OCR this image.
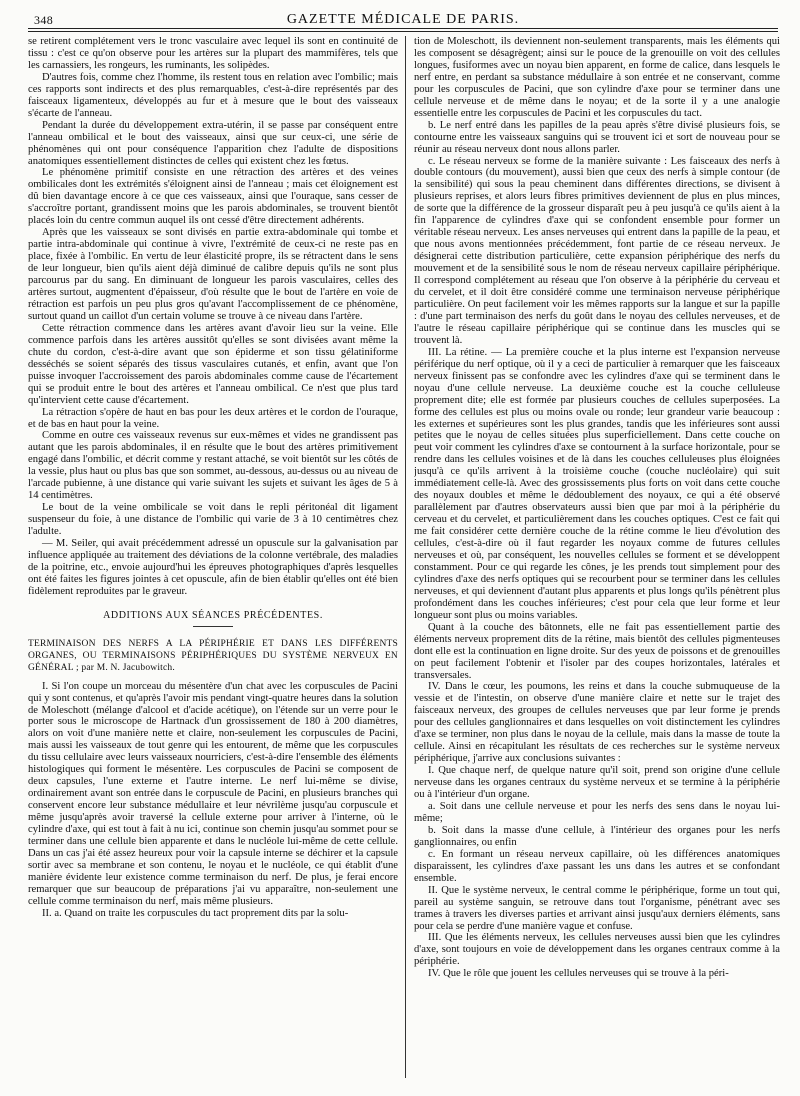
348	GAZETTE MÉDICALE DE PARIS.

se retirent complétement vers le tronc vasculaire avec lequel ils sont en continuité de tissu : c'est ce qu'on observe pour les artères sur la plupart des mammifères, tels que les carnassiers, les rongeurs, les ruminants, les solipèdes.

D'autres fois, comme chez l'homme, ils restent tous en relation avec l'ombilic; mais ces rapports sont indirects et des plus remarquables, c'est-à-dire représentés par des faisceaux ligamenteux, développés au fur et à mesure que le bout des vaisseaux s'écarte de l'anneau.

Pendant la durée du développement extra-utérin, il se passe par conséquent entre l'anneau ombilical et le bout des vaisseaux, ainsi que sur ceux-ci, une série de phénomènes qui ont pour conséquence l'apparition chez l'adulte de dispositions anatomiques essentiellement distinctes de celles qui existent chez les fœtus.

Le phénomène primitif consiste en une rétraction des artères et des veines ombilicales dont les extrémités s'éloignent ainsi de l'anneau ; mais cet éloignement est dû bien davantage encore à ce que ces vaisseaux, ainsi que l'ouraque, sans cesser de s'accroître portant, grandissent moins que les parois abdominales, se trouvent bientôt placés loin du centre commun auquel ils ont cessé d'être directement adhérents.

Après que les vaisseaux se sont divisés en partie extra-abdominale qui tombe et partie intra-abdominale qui continue à vivre, l'extrémité de ceux-ci ne reste pas en place, fixée à l'ombilic. En vertu de leur élasticité propre, ils se rétractent dans le sens de leur longueur, bien qu'ils aient déjà diminué de calibre depuis qu'ils ne sont plus parcourus par du sang. En diminuant de longueur les parois vasculaires, celles des artères surtout, augmentent d'épaisseur, d'où résulte que le bout de l'artère en voie de rétraction est parfois un peu plus gros qu'avant l'accomplissement de ce phénomène, surtout quand un caillot d'un certain volume se trouve à ce niveau dans l'artère.

Cette rétraction commence dans les artères avant d'avoir lieu sur la veine. Elle commence parfois dans les artères aussitôt qu'elles se sont divisées avant même la chute du cordon, c'est-à-dire avant que son épiderme et son tissu gélatiniforme desséchés se soient séparés des tissus vasculaires cutanés, et enfin, avant que l'on puisse invoquer l'accroissement des parois abdominales comme cause de l'écartement qui se produit entre le bout des artères et l'anneau ombilical. Ce n'est que plus tard qu'intervient cette cause d'écartement.

La rétraction s'opère de haut en bas pour les deux artères et le cordon de l'ouraque, et de bas en haut pour la veine.

Comme en outre ces vaisseaux revenus sur eux-mêmes et vides ne grandissent pas autant que les parois abdominales, il en résulte que le bout des artères primitivement engagé dans l'ombilic, et décrit comme y restant attaché, se voit bientôt sur les côtés de la vessie, plus haut ou plus bas que son sommet, au-dessous, au-dessus ou au niveau de l'arcade pubienne, à une distance qui varie suivant les sujets et suivant les âges de 5 à 14 centimètres.

Le bout de la veine ombilicale se voit dans le repli péritonéal dit ligament suspenseur du foie, à une distance de l'ombilic qui varie de 3 à 10 centimètres chez l'adulte.

— M. Seiler, qui avait précédemment adressé un opuscule sur la galvanisation par influence appliquée au traitement des déviations de la colonne vertébrale, des maladies de la poitrine, etc., envoie aujourd'hui les épreuves photographiques d'après lesquelles ont été faites les figures jointes à cet opuscule, afin de bien établir qu'elles ont été bien fidèlement reproduites par le graveur.

ADDITIONS AUX SÉANCES PRÉCÉDENTES.

TERMINAISON DES NERFS A LA PÉRIPHÉRIE ET DANS LES DIFFÉRENTS ORGANES, OU TERMINAISONS PÉRIPHÉRIQUES DU SYSTÈME NERVEUX EN GÉNÉRAL ; par M. N. Jacubowitch.

I. Si l'on coupe un morceau du mésentère d'un chat avec les corpuscules de Pacini qui y sont contenus, et qu'après l'avoir mis pendant vingt-quatre heures dans la solution de Moleschott (mélange d'alcool et d'acide acétique), on l'étende sur un verre pour le porter sous le microscope de Hartnack d'un grossissement de 180 à 200 diamètres, alors on voit d'une manière nette et claire, non-seulement les corpuscules de Pacini, mais aussi les vaisseaux de tout genre qui les entourent, de même que les corpuscules du tissu cellulaire avec leurs vaisseaux nourriciers, c'est-à-dire l'ensemble des éléments histologiques qui forment le mésentère. Les corpuscules de Pacini se composent de deux capsules, l'une externe et l'autre interne. Le nerf lui-même se divise, ordinairement avant son entrée dans le corpuscule de Pacini, en plusieurs branches qui conservent encore leur substance médullaire et leur névrilème jusqu'au corpuscule et même jusqu'après avoir traversé la cellule externe pour arriver à l'interne, où le cylindre d'axe, qui est tout à fait à nu ici, continue son chemin jusqu'au sommet pour se terminer dans une cellule bien apparente et dans le nucléole lui-même de cette cellule. Dans un cas j'ai été assez heureux pour voir la capsule interne se déchirer et la capsule sortir avec sa membrane et son contenu, le noyau et le nucléole, ce qui établit d'une manière évidente leur existence comme terminaison du nerf. De plus, je ferai encore remarquer que sur beaucoup de préparations j'ai vu apparaître, non-seulement une cellule comme terminaison du nerf, mais même plusieurs.

II. a. Quand on traite les corpuscules du tact proprement dits par la solu-

tion de Moleschott, ils deviennent non-seulement transparents, mais les éléments qui les composent se désagrègent; ainsi sur le pouce de la grenouille on voit des cellules longues, fusiformes avec un noyau bien apparent, en forme de calice, dans lesquels le nerf entre, en perdant sa substance médullaire à son entrée et ne conservant, comme pour les corpuscules de Pacini, que son cylindre d'axe pour se terminer dans une cellule nerveuse et de même dans le noyau; et de la sorte il y a une analogie essentielle entre les corpuscules de Pacini et les corpuscules du tact.

b. Le nerf entré dans les papilles de la peau après s'être divisé plusieurs fois, se contourne entre les vaisseaux sanguins qui se trouvent ici et sort de nouveau pour se réunir au réseau nerveux dont nous allons parler.

c. Le réseau nerveux se forme de la manière suivante : Les faisceaux des nerfs à double contours (du mouvement), aussi bien que ceux des nerfs à simple contour (de la sensibilité) qui sous la peau cheminent dans différentes directions, se divisent à plusieurs reprises, et alors leurs fibres primitives deviennent de plus en plus minces, de sorte que la différence de la grosseur disparaît peu à peu jusqu'à ce qu'ils aient à la fin l'apparence de cylindres d'axe qui se confondent ensemble pour former un véritable réseau nerveux. Les anses nerveuses qui entrent dans la papille de la peau, et que nous avons mentionnées précédemment, font partie de ce réseau nerveux. Je désignerai cette distribution particulière, cette expansion périphérique des nerfs du mouvement et de la sensibilité sous le nom de réseau nerveux capillaire périphérique. Il correspond complétement au réseau que l'on observe à la périphérie du cerveau et du cervelet, et il doit être considéré comme une terminaison nerveuse périphérique particulière. On peut facilement voir les mêmes rapports sur la langue et sur la papille : d'une part terminaison des nerfs du goût dans le noyau des cellules nerveuses, et de l'autre le réseau capillaire périphérique qui se continue dans les muscles qui se trouvent là.

III. La rétine. — La première couche et la plus interne est l'expansion nerveuse périférique du nerf optique, où il y a ceci de particulier à remarquer que les faisceaux nerveux finissent pas se confondre avec les cylindres d'axe qui se terminent dans le noyau d'une cellule nerveuse. La deuxième couche est la couche celluleuse proprement dite; elle est formée par plusieurs couches de cellules superposées. La forme des cellules est plus ou moins ovale ou ronde; leur grandeur varie beaucoup : les externes et supérieures sont les plus grandes, tandis que les inférieures sont aussi petites que le noyau de celles situées plus superficiellement. Dans cette couche on peut voir comment les cylindres d'axe se contournent à la surface horizontale, pour se rendre dans les cellules voisines et de là dans les couches celluleuses plus éloignées jusqu'à ce qu'ils arrivent à la troisième couche (couche nucléolaire) qui suit immédiatement celle-là. Avec des grossissements plus forts on voit dans cette couche des noyaux doubles et même le dédoublement des noyaux, ce qui a été observé parallèlement par d'autres observateurs aussi bien que par moi à la périphérie du cerveau et du cervelet, et particulièrement dans les couches optiques. C'est ce fait qui me fait considérer cette dernière couche de la rétine comme le lieu d'évolution des cellules, c'est-à-dire où il faut regarder les noyaux comme de futures cellules nerveuses et où, par conséquent, les nouvelles cellules se forment et se développent constamment. Pour ce qui regarde les cônes, je les prends tout simplement pour des cylindres d'axe des nerfs optiques qui se recourbent pour se terminer dans les cellules nerveuses, et qui deviennent d'autant plus apparents et plus longs qu'ils pénètrent plus profondément dans les couches inférieures; c'est pour cela que leur forme et leur longueur sont plus ou moins variables.

Quant à la couche des bâtonnets, elle ne fait pas essentiellement partie des éléments nerveux proprement dits de la rétine, mais bientôt des cellules pigmenteuses dont elle est la continuation en ligne droite. Sur des yeux de poissons et de grenouilles on peut facilement l'obtenir et l'isoler par des coupes horizontales, latérales et transversales.

IV. Dans le cœur, les poumons, les reins et dans la couche submuqueuse de la vessie et de l'intestin, on observe d'une manière claire et nette sur le trajet des faisceaux nerveux, des groupes de cellules nerveuses que par leur forme je prends pour des cellules ganglionnaires et dans lesquelles on voit distinctement les cylindres d'axe se terminer, non plus dans le noyau de la cellule, mais dans la masse de toute la cellule. Ainsi en récapitulant les résultats de ces recherches sur le système nerveux périphérique, j'arrive aux conclusions suivantes :

I. Que chaque nerf, de quelque nature qu'il soit, prend son origine d'une cellule nerveuse dans les organes centraux du système nerveux et se termine à la périphérie ou à l'intérieur d'un organe.

a. Soit dans une cellule nerveuse et pour les nerfs des sens dans le noyau lui-même;

b. Soit dans la masse d'une cellule, à l'intérieur des organes pour les nerfs ganglionnaires, ou enfin

c. En formant un réseau nerveux capillaire, où les différences anatomiques disparaissent, les cylindres d'axe passant les uns dans les autres et se confondant ensemble.

II. Que le système nerveux, le central comme le périphérique, forme un tout qui, pareil au système sanguin, se retrouve dans tout l'organisme, pénétrant avec ses trames à travers les diverses parties et arrivant ainsi jusqu'aux derniers éléments, sans pour cela se perdre d'une manière vague et confuse.

III. Que les éléments nerveux, les cellules nerveuses aussi bien que les cylindres d'axe, sont toujours en voie de développement dans les organes centraux comme à la périphérie.

IV. Que le rôle que jouent les cellules nerveuses qui se trouve à la péri-
